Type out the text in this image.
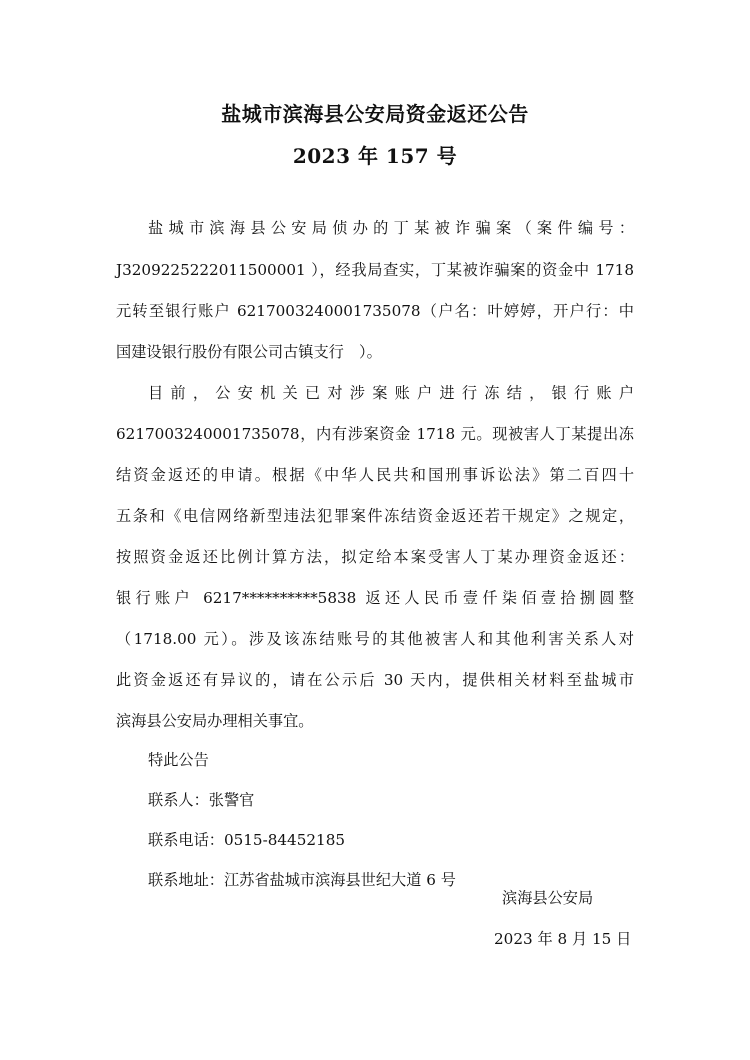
盐城市滨海县公安局资金返还公告
2023 年 157 号
盐城市滨海县公安局侦办的丁某被诈骗案（案件编号：
J3209225222011500001 ），经我局查实，丁某被诈骗案的资金中 1718
元转至银行账户 6217003240001735078（户名：叶婷婷，开户行：中
国建设银行股份有限公司古镇支行　）。
目前，公安机关已对涉案账户进行冻结，银行账户
6217003240001735078，内有涉案资金 1718 元。现被害人丁某提出冻
结资金返还的申请。根据《中华人民共和国刑事诉讼法》第二百四十
五条和《电信网络新型违法犯罪案件冻结资金返还若干规定》之规定，
按照资金返还比例计算方法，拟定给本案受害人丁某办理资金返还：
银行账户 6217**********5838 返还人民币壹仟柒佰壹拾捌圆整
（1718.00 元）。涉及该冻结账号的其他被害人和其他利害关系人对
此资金返还有异议的，请在公示后 30 天内，提供相关材料至盐城市
滨海县公安局办理相关事宜。
特此公告
联系人：张警官
联系电话：0515-84452185
联系地址：江苏省盐城市滨海县世纪大道 6 号
滨海县公安局
2023 年 8 月 15 日
